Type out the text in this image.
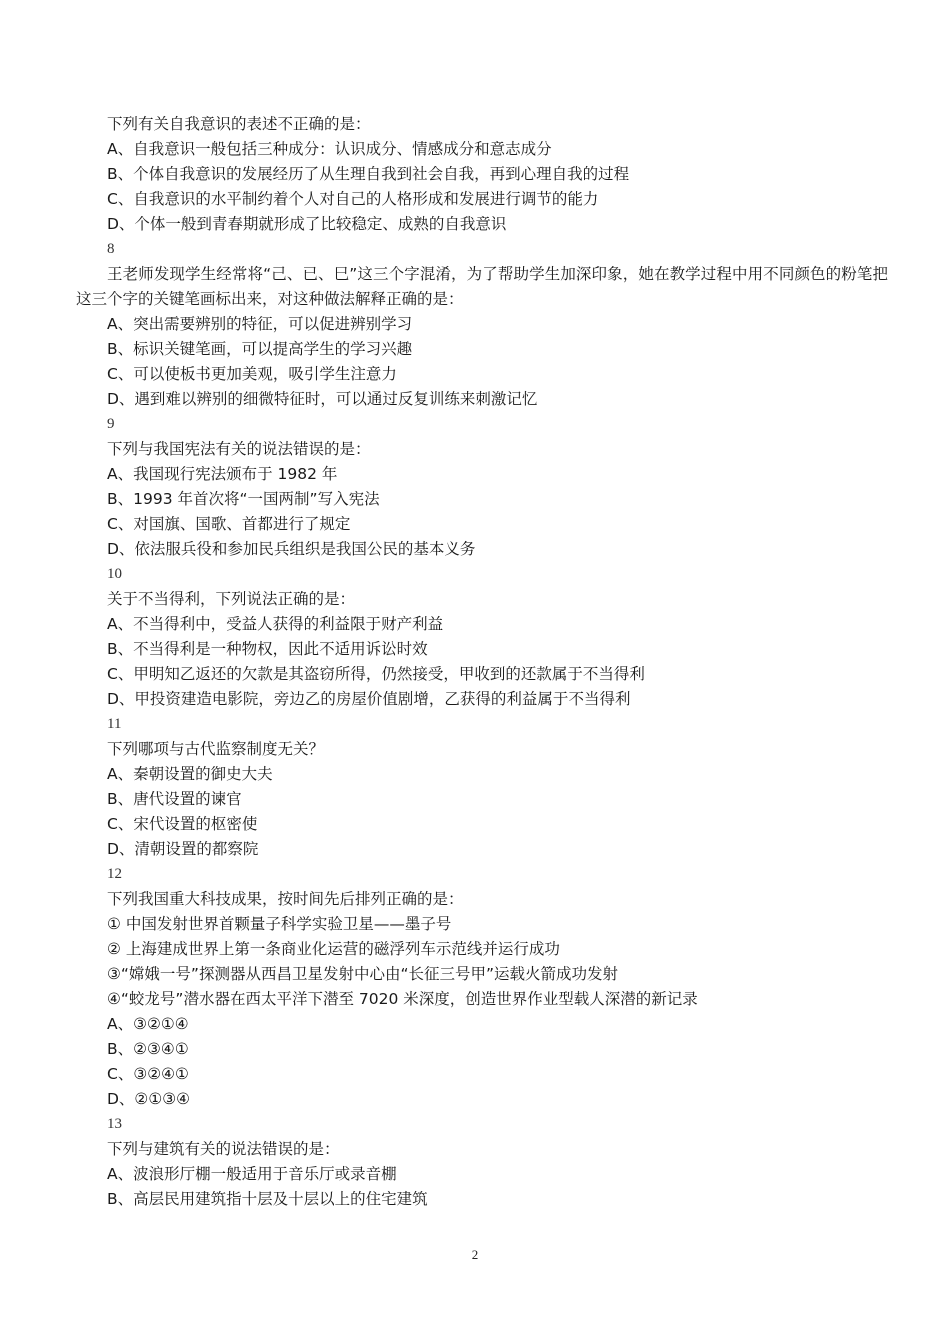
下列有关自我意识的表述不正确的是：
A、自我意识一般包括三种成分：认识成分、情感成分和意志成分
B、个体自我意识的发展经历了从生理自我到社会自我，再到心理自我的过程
C、自我意识的水平制约着个人对自己的人格形成和发展进行调节的能力
D、个体一般到青春期就形成了比较稳定、成熟的自我意识
8
王老师发现学生经常将“己、已、巳”这三个字混淆，为了帮助学生加深印象，她在教学过程中用不同颜色的粉笔把这三个字的关键笔画标出来，对这种做法解释正确的是：
A、突出需要辨别的特征，可以促进辨别学习
B、标识关键笔画，可以提高学生的学习兴趣
C、可以使板书更加美观，吸引学生注意力
D、遇到难以辨别的细微特征时，可以通过反复训练来刺激记忆
9
下列与我国宪法有关的说法错误的是：
A、我国现行宪法颁布于 1982 年
B、1993 年首次将“一国两制”写入宪法
C、对国旗、国歌、首都进行了规定
D、依法服兵役和参加民兵组织是我国公民的基本义务
10
关于不当得利，下列说法正确的是：
A、不当得利中，受益人获得的利益限于财产利益
B、不当得利是一种物权，因此不适用诉讼时效
C、甲明知乙返还的欠款是其盗窃所得，仍然接受，甲收到的还款属于不当得利
D、甲投资建造电影院，旁边乙的房屋价值剧增，乙获得的利益属于不当得利
11
下列哪项与古代监察制度无关？
A、秦朝设置的御史大夫
B、唐代设置的谏官
C、宋代设置的枢密使
D、清朝设置的都察院
12
下列我国重大科技成果，按时间先后排列正确的是：
① 中国发射世界首颗量子科学实验卫星——墨子号
② 上海建成世界上第一条商业化运营的磁浮列车示范线并运行成功
③“嫦娥一号”探测器从西昌卫星发射中心由“长征三号甲”运载火箭成功发射
④“蛟龙号”潜水器在西太平洋下潜至 7020 米深度，创造世界作业型载人深潜的新记录
A、③②①④
B、②③④①
C、③②④①
D、②①③④
13
下列与建筑有关的说法错误的是：
A、波浪形厅棚一般适用于音乐厅或录音棚
B、高层民用建筑指十层及十层以上的住宅建筑
2
